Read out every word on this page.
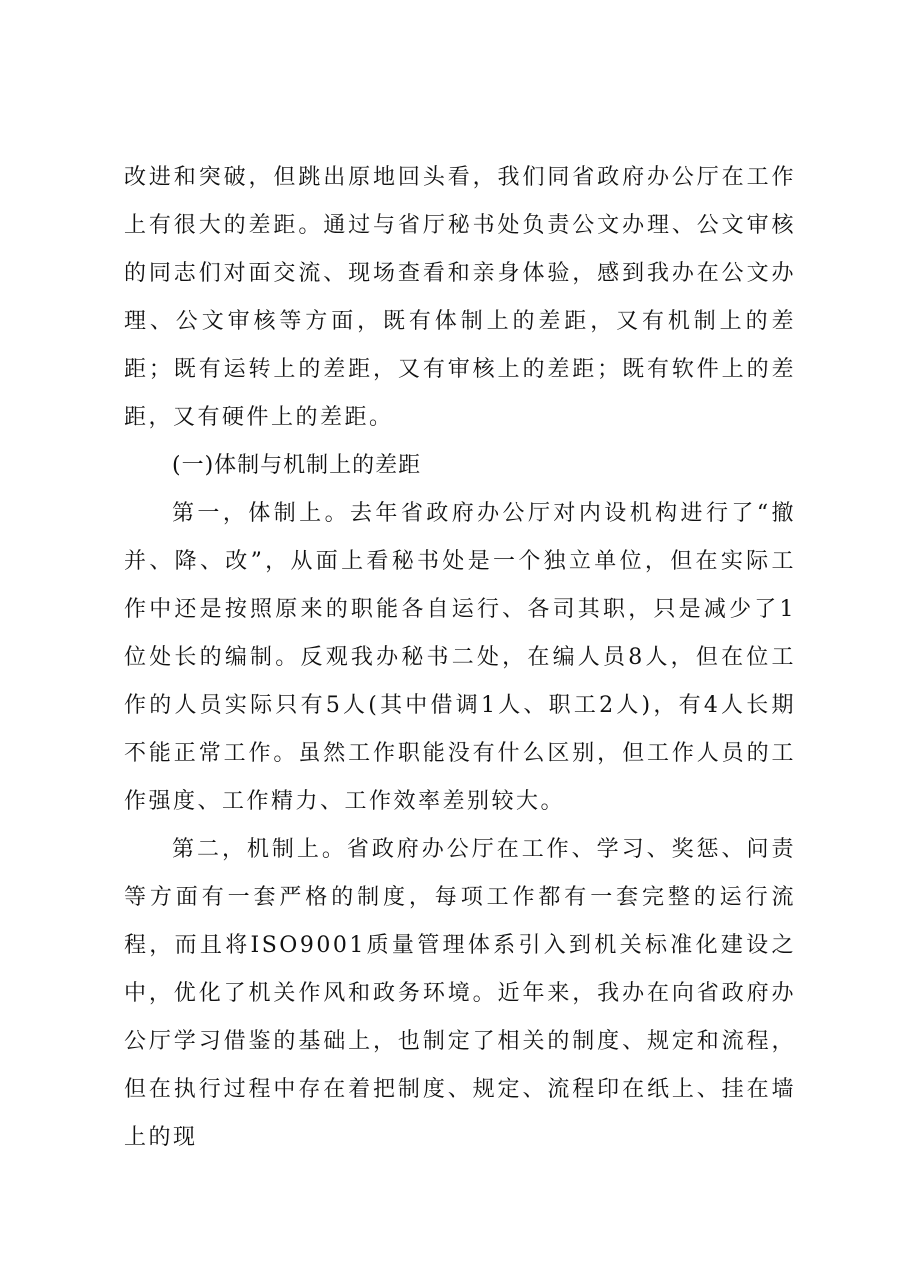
改进和突破，但跳出原地回头看，我们同省政府办公厅在工作上有很大的差距。通过与省厅秘书处负责公文办理、公文审核的同志们对面交流、现场查看和亲身体验，感到我办在公文办理、公文审核等方面，既有体制上的差距，又有机制上的差距；既有运转上的差距，又有审核上的差距；既有软件上的差距，又有硬件上的差距。

(一)体制与机制上的差距

第一，体制上。去年省政府办公厅对内设机构进行了“撤并、降、改”，从面上看秘书处是一个独立单位，但在实际工作中还是按照原来的职能各自运行、各司其职，只是减少了1位处长的编制。反观我办秘书二处，在编人员8人，但在位工作的人员实际只有5人(其中借调1人、职工2人)，有4人长期不能正常工作。虽然工作职能没有什么区别，但工作人员的工作强度、工作精力、工作效率差别较大。

第二，机制上。省政府办公厅在工作、学习、奖惩、问责等方面有一套严格的制度，每项工作都有一套完整的运行流程，而且将ISO9001质量管理体系引入到机关标准化建设之中，优化了机关作风和政务环境。近年来，我办在向省政府办公厅学习借鉴的基础上，也制定了相关的制度、规定和流程，但在执行过程中存在着把制度、规定、流程印在纸上、挂在墙上的现
